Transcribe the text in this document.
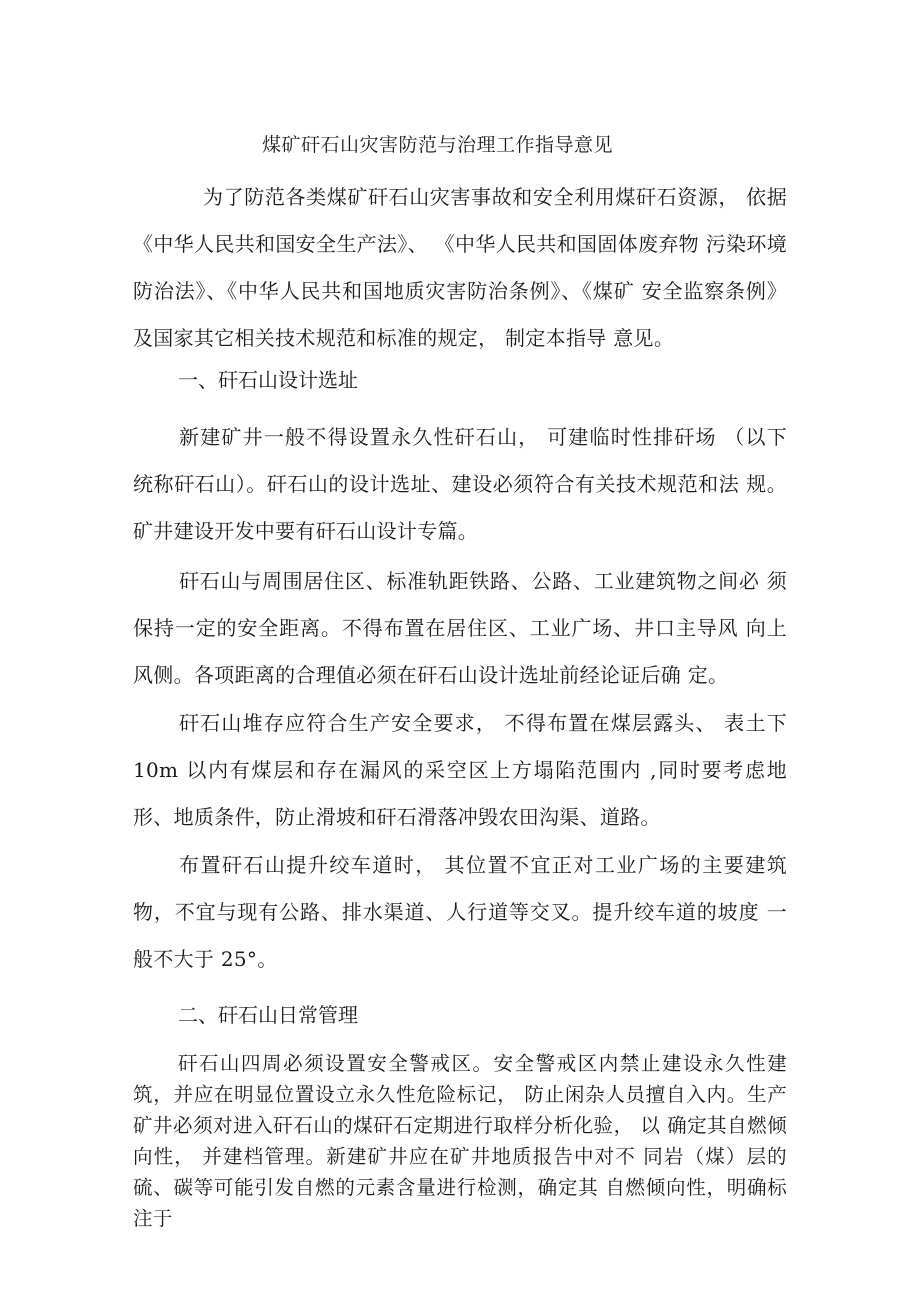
煤矿矸石山灾害防范与治理工作指导意见

为了防范各类煤矿矸石山灾害事故和安全利用煤矸石资源， 依据《中华人民共和国安全生产法》、 《中华人民共和国固体废弃物 污染环境防治法》、《中华人民共和国地质灾害防治条例》、《煤矿 安全监察条例》 及国家其它相关技术规范和标准的规定， 制定本指导 意见。

一、矸石山设计选址

新建矿井一般不得设置永久性矸石山， 可建临时性排矸场 （以下 统称矸石山）。矸石山的设计选址、建设必须符合有关技术规范和法 规。矿井建设开发中要有矸石山设计专篇。

矸石山与周围居住区、标准轨距铁路、公路、工业建筑物之间必 须保持一定的安全距离。不得布置在居住区、工业广场、井口主导风 向上风侧。各项距离的合理值必须在矸石山设计选址前经论证后确 定。

矸石山堆存应符合生产安全要求， 不得布置在煤层露头、 表土下10m 以内有煤层和存在漏风的采空区上方塌陷范围内 ,同时要考虑地 形、地质条件，防止滑坡和矸石滑落冲毁农田沟渠、道路。

布置矸石山提升绞车道时， 其位置不宜正对工业广场的主要建筑 物，不宜与现有公路、排水渠道、人行道等交叉。提升绞车道的坡度 一般不大于 25°。

二、矸石山日常管理

矸石山四周必须设置安全警戒区。安全警戒区内禁止建设永久性建筑，并应在明显位置设立永久性危险标记， 防止闲杂人员擅自入内。生产矿井必须对进入矸石山的煤矸石定期进行取样分析化验， 以 确定其自燃倾向性， 并建档管理。新建矿井应在矿井地质报告中对不 同岩（煤）层的硫、碳等可能引发自燃的元素含量进行检测，确定其 自燃倾向性，明确标注于
